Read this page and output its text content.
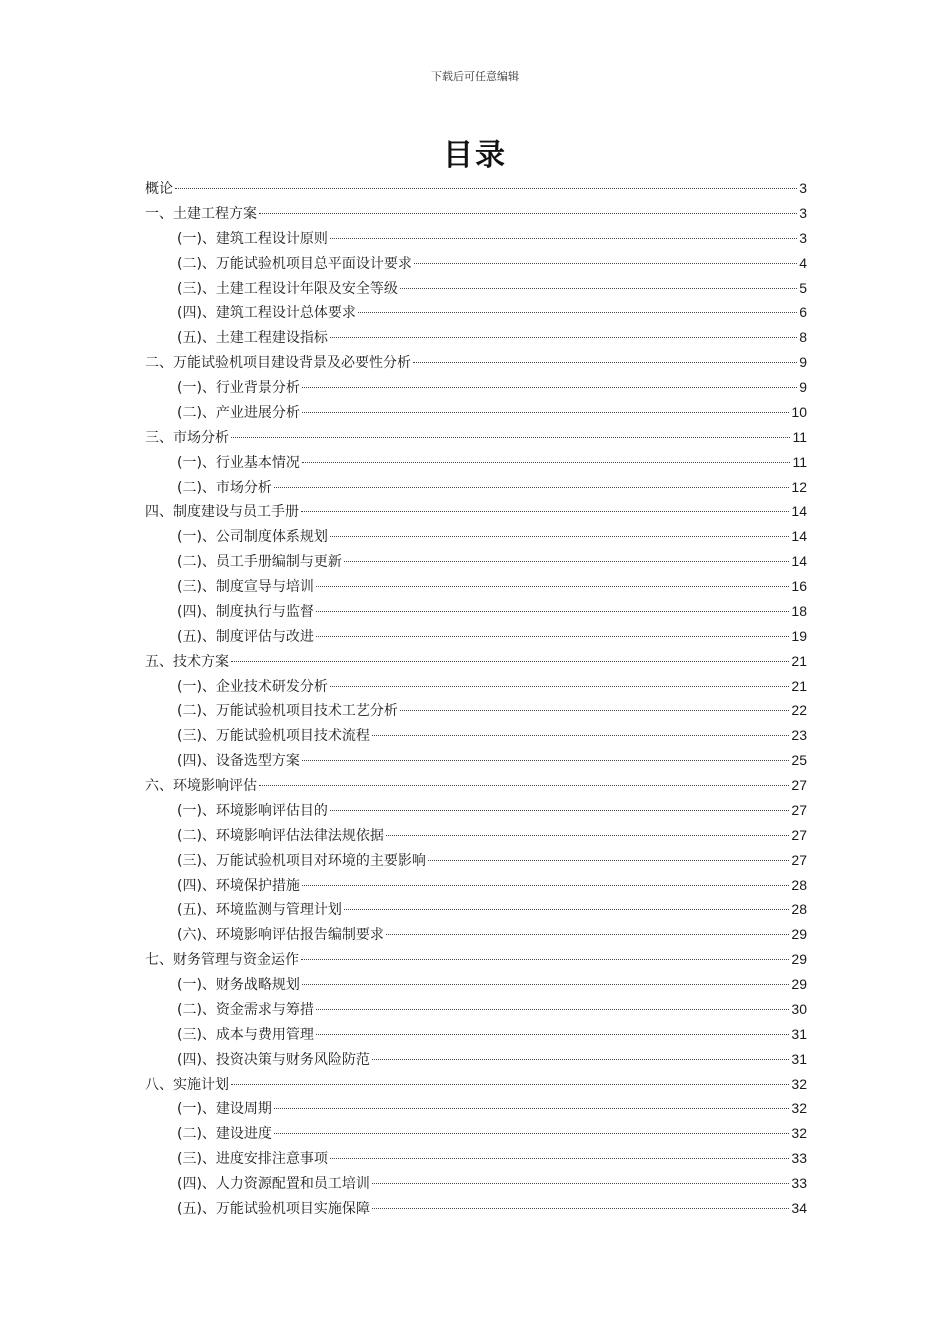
下载后可任意编辑
目录
概论	3
一、土建工程方案	3
(一)、建筑工程设计原则	3
(二)、万能试验机项目总平面设计要求	4
(三)、土建工程设计年限及安全等级	5
(四)、建筑工程设计总体要求	6
(五)、土建工程建设指标	8
二、万能试验机项目建设背景及必要性分析	9
(一)、行业背景分析	9
(二)、产业进展分析	10
三、市场分析	11
(一)、行业基本情况	11
(二)、市场分析	12
四、制度建设与员工手册	14
(一)、公司制度体系规划	14
(二)、员工手册编制与更新	14
(三)、制度宣导与培训	16
(四)、制度执行与监督	18
(五)、制度评估与改进	19
五、技术方案	21
(一)、企业技术研发分析	21
(二)、万能试验机项目技术工艺分析	22
(三)、万能试验机项目技术流程	23
(四)、设备选型方案	25
六、环境影响评估	27
(一)、环境影响评估目的	27
(二)、环境影响评估法律法规依据	27
(三)、万能试验机项目对环境的主要影响	27
(四)、环境保护措施	28
(五)、环境监测与管理计划	28
(六)、环境影响评估报告编制要求	29
七、财务管理与资金运作	29
(一)、财务战略规划	29
(二)、资金需求与筹措	30
(三)、成本与费用管理	31
(四)、投资决策与财务风险防范	31
八、实施计划	32
(一)、建设周期	32
(二)、建设进度	32
(三)、进度安排注意事项	33
(四)、人力资源配置和员工培训	33
(五)、万能试验机项目实施保障	34
